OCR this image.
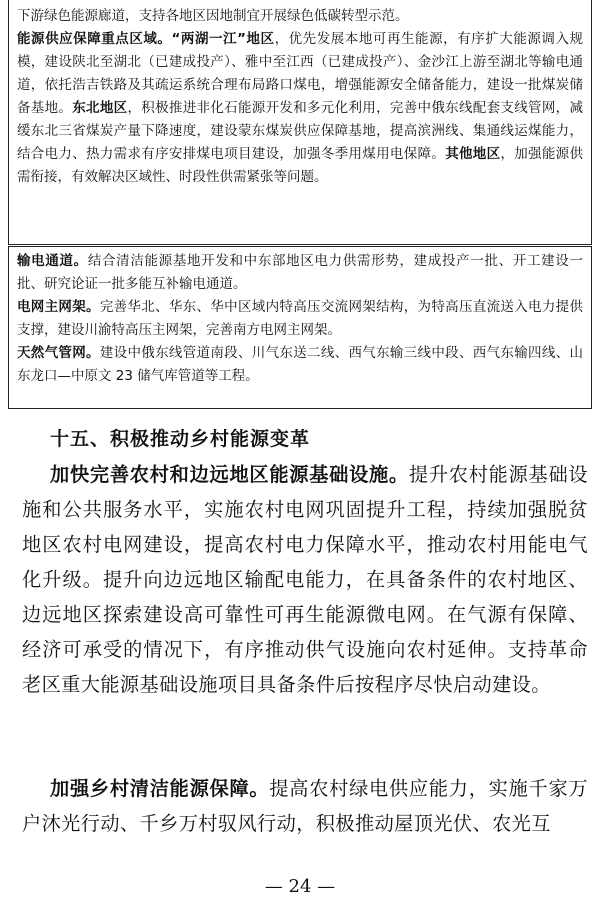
下游绿色能源廊道，支持各地区因地制宜开展绿色低碳转型示范。

能源供应保障重点区域。“两湖一江”地区，优先发展本地可再生能源，有序扩大能源调入规模，建设陕北至湖北（已建成投产）、雅中至江西（已建成投产）、金沙江上游至湖北等输电通道，依托浩吉铁路及其疏运系统合理布局路口煤电，增强能源安全储备能力，建设一批煤炭储备基地。东北地区，积极推进非化石能源开发和多元化利用，完善中俄东线配套支线管网，减缓东北三省煤炭产量下降速度，建设蒙东煤炭供应保障基地，提高滨洲线、集通线运煤能力，结合电力、热力需求有序安排煤电项目建设，加强冬季用煤用电保障。其他地区，加强能源供需衔接，有效解决区域性、时段性供需紧张等问题。

输电通道。结合清洁能源基地开发和中东部地区电力供需形势，建成投产一批、开工建设一批、研究论证一批多能互补输电通道。

电网主网架。完善华北、华东、华中区域内特高压交流网架结构，为特高压直流送入电力提供支撑，建设川渝特高压主网架，完善南方电网主网架。

天然气管网。建设中俄东线管道南段、川气东送二线、西气东输三线中段、西气东输四线、山东龙口—中原文 23 储气库管道等工程。

十五、积极推动乡村能源变革
加快完善农村和边远地区能源基础设施。提升农村能源基础设施和公共服务水平，实施农村电网巩固提升工程，持续加强脱贫地区农村电网建设，提高农村电力保障水平，推动农村用能电气化升级。提升向边远地区输配电能力，在具备条件的农村地区、边远地区探索建设高可靠性可再生能源微电网。在气源有保障、经济可承受的情况下，有序推动供气设施向农村延伸。支持革命老区重大能源基础设施项目具备条件后按程序尽快启动建设。
加强乡村清洁能源保障。提高农村绿电供应能力，实施千家万户沐光行动、千乡万村驭风行动，积极推动屋顶光伏、农光互
— 24 —
